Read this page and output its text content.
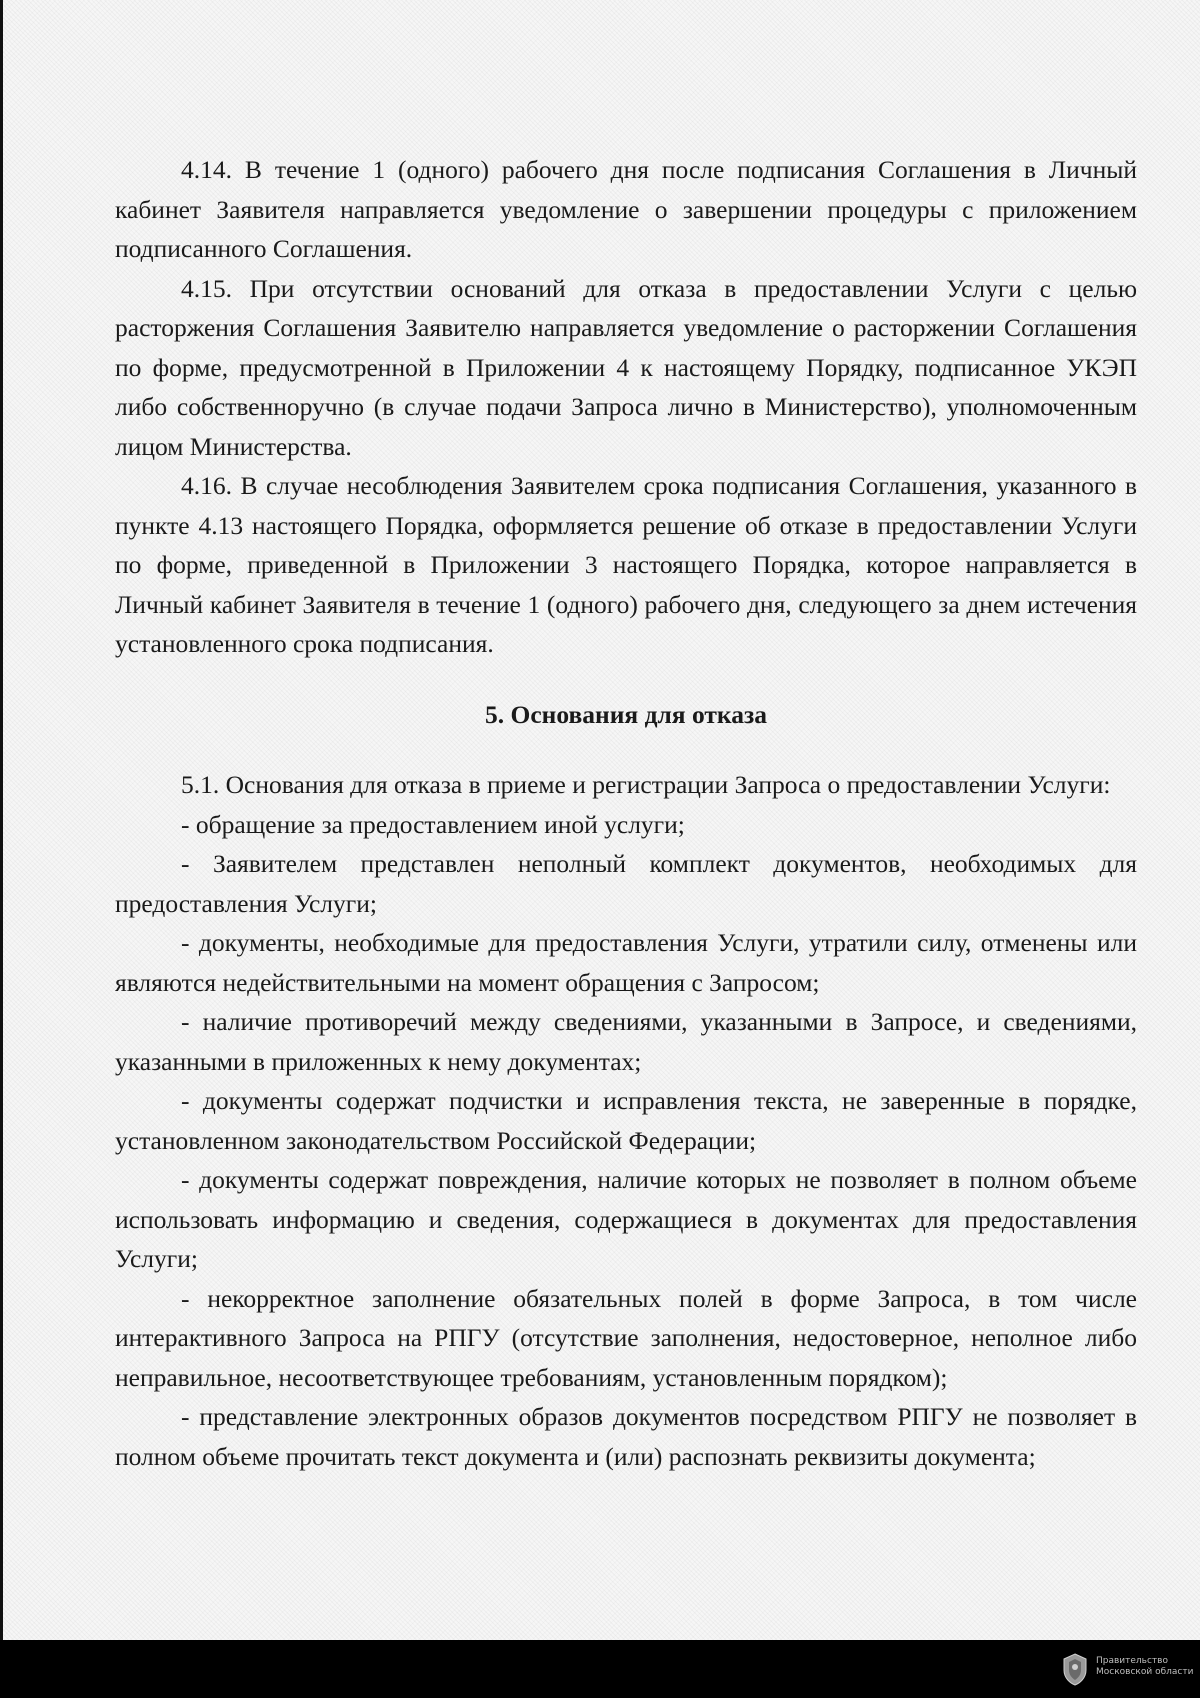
4.14. В течение 1 (одного) рабочего дня после подписания Соглашения в Личный кабинет Заявителя направляется уведомление о завершении процедуры с приложением подписанного Соглашения.

4.15. При отсутствии оснований для отказа в предоставлении Услуги с целью расторжения Соглашения Заявителю направляется уведомление о расторжении Соглашения по форме, предусмотренной в Приложении 4 к настоящему Порядку, подписанное УКЭП либо собственноручно (в случае подачи Запроса лично в Министерство), уполномоченным лицом Министерства.

4.16. В случае несоблюдения Заявителем срока подписания Соглашения, указанного в пункте 4.13 настоящего Порядка, оформляется решение об отказе в предоставлении Услуги по форме, приведенной в Приложении 3 настоящего Порядка, которое направляется в Личный кабинет Заявителя в течение 1 (одного) рабочего дня, следующего за днем истечения установленного срока подписания.

5. Основания для отказа

5.1. Основания для отказа в приеме и регистрации Запроса о предоставлении Услуги:

- обращение за предоставлением иной услуги;

- Заявителем представлен неполный комплект документов, необходимых для предоставления Услуги;

- документы, необходимые для предоставления Услуги, утратили силу, отменены или являются недействительными на момент обращения с Запросом;

- наличие противоречий между сведениями, указанными в Запросе, и сведениями, указанными в приложенных к нему документах;

- документы содержат подчистки и исправления текста, не заверенные в порядке, установленном законодательством Российской Федерации;

- документы содержат повреждения, наличие которых не позволяет в полном объеме использовать информацию и сведения, содержащиеся в документах для предоставления Услуги;

- некорректное заполнение обязательных полей в форме Запроса, в том числе интерактивного Запроса на РПГУ (отсутствие заполнения, недостоверное, неполное либо неправильное, несоответствующее требованиям, установленным порядком);

- представление электронных образов документов посредством РПГУ не позволяет в полном объеме прочитать текст документа и (или) распознать реквизиты документа;

Правительство
Московской области
